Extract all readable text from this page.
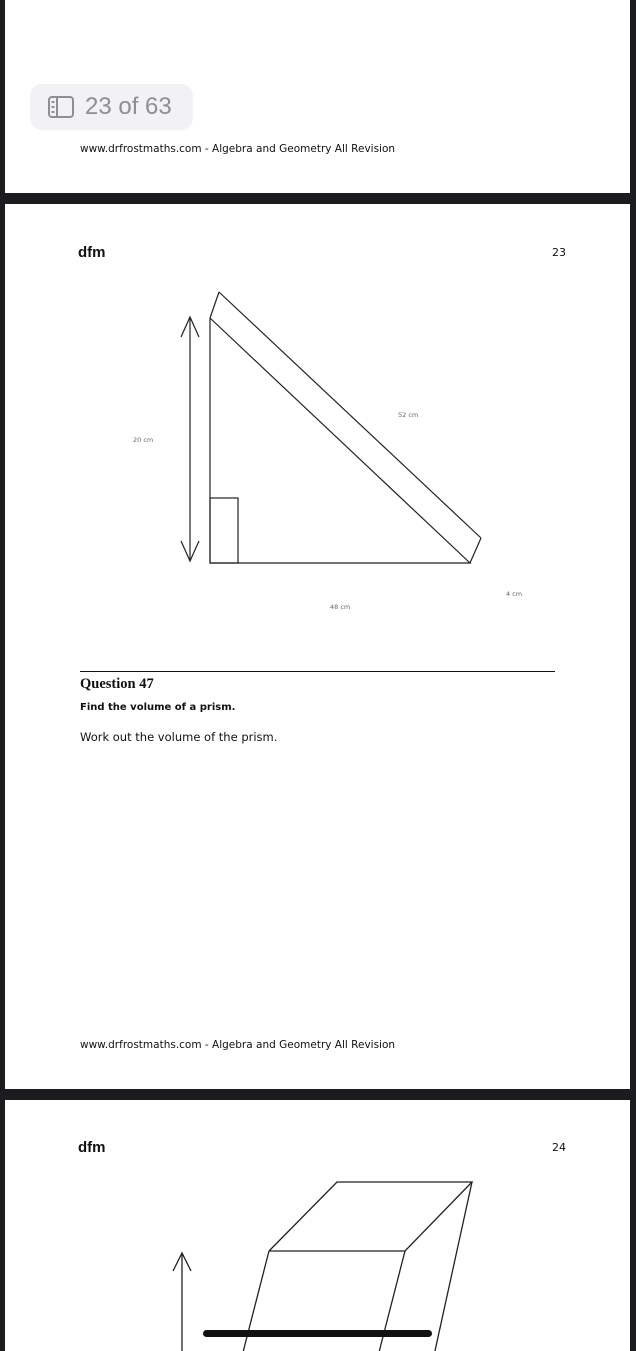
23 of 63
www.drfrostmaths.com - Algebra and Geometry All Revision
dfm	23
20 cm
52 cm
48 cm
4 cm
Question 47
Find the volume of a prism.
Work out the volume of the prism.
www.drfrostmaths.com - Algebra and Geometry All Revision
dfm	24
